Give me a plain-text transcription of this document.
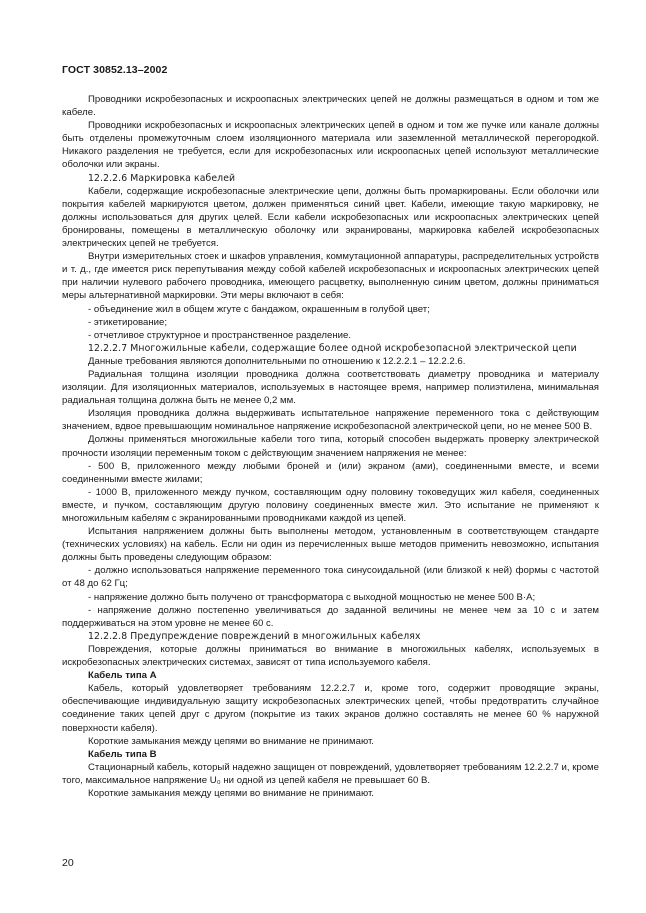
ГОСТ 30852.13–2002

Проводники искробезопасных и искроопасных электрических цепей не должны размещаться в одном и том же кабеле.

Проводники искробезопасных и искроопасных электрических цепей в одном и том же пучке или канале должны быть отделены промежуточным слоем изоляционного материала или заземленной металлической перегородкой. Никакого разделения не требуется, если для искробезопасных или искроопасных цепей используют металлические оболочки или экраны.

12.2.2.6 Маркировка кабелей

Кабели, содержащие искробезопасные электрические цепи, должны быть промаркированы. Если оболочки или покрытия кабелей маркируются цветом, должен применяться синий цвет. Кабели, имеющие такую маркировку, не должны использоваться для других целей. Если кабели искробезопасных или искроопасных электрических цепей бронированы, помещены в металлическую оболочку или экранированы, маркировка кабелей искробезопасных электрических цепей не требуется.

Внутри измерительных стоек и шкафов управления, коммутационной аппаратуры, распределительных устройств и т. д., где имеется риск перепутывания между собой кабелей искробезопасных и искроопасных электрических цепей при наличии нулевого рабочего проводника, имеющего расцветку, выполненную синим цветом, должны приниматься меры альтернативной маркировки. Эти меры включают в себя:

- объединение жил в общем жгуте с бандажом, окрашенным в голубой цвет;

- этикетирование;

- отчетливое структурное и пространственное разделение.

12.2.2.7 Многожильные кабели, содержащие более одной искробезопасной электрической цепи

Данные требования являются дополнительными по отношению к 12.2.2.1 – 12.2.2.6.

Радиальная толщина изоляции проводника должна соответствовать диаметру проводника и материалу изоляции. Для изоляционных материалов, используемых в настоящее время, например полиэтилена, минимальная радиальная толщина должна быть не менее 0,2 мм.

Изоляция проводника должна выдерживать испытательное напряжение переменного тока с действующим значением, вдвое превышающим номинальное напряжение искробезопасной электрической цепи, но не менее 500 В.

Должны применяться многожильные кабели того типа, который способен выдержать проверку электрической прочности изоляции переменным током с действующим значением напряжения не менее:

- 500 В, приложенного между любыми броней и (или) экраном (ами), соединенными вместе, и всеми соединенными вместе жилами;

- 1000 В, приложенного между пучком, составляющим одну половину токоведущих жил кабеля, соединенных вместе, и пучком, составляющим другую половину соединенных вместе жил. Это испытание не применяют к многожильным кабелям с экранированными проводниками каждой из цепей.

Испытания напряжением должны быть выполнены методом, установленным в соответствующем стандарте (технических условиях) на кабель. Если ни один из перечисленных выше методов применить невозможно, испытания должны быть проведены следующим образом:

- должно использоваться напряжение переменного тока синусоидальной (или близкой к ней) формы с частотой от 48 до 62 Гц;

- напряжение должно быть получено от трансформатора с выходной мощностью не менее 500 В·А;

- напряжение должно постепенно увеличиваться до заданной величины не менее чем за 10 с и затем поддерживаться на этом уровне не менее 60 с.

12.2.2.8 Предупреждение повреждений в многожильных кабелях

Повреждения, которые должны приниматься во внимание в многожильных кабелях, используемых в искробезопасных электрических системах, зависят от типа используемого кабеля.

Кабель типа А

Кабель, который удовлетворяет требованиям 12.2.2.7 и, кроме того, содержит проводящие экраны, обеспечивающие индивидуальную защиту искробезопасных электрических цепей, чтобы предотвратить случайное соединение таких цепей друг с другом (покрытие из таких экранов должно составлять не менее 60 % наружной поверхности кабеля).

Короткие замыкания между цепями во внимание не принимают.

Кабель типа В

Стационарный кабель, который надежно защищен от повреждений, удовлетворяет требованиям 12.2.2.7 и, кроме того, максимальное напряжение U₀ ни одной из цепей кабеля не превышает 60 В.

Короткие замыкания между цепями во внимание не принимают.

20
